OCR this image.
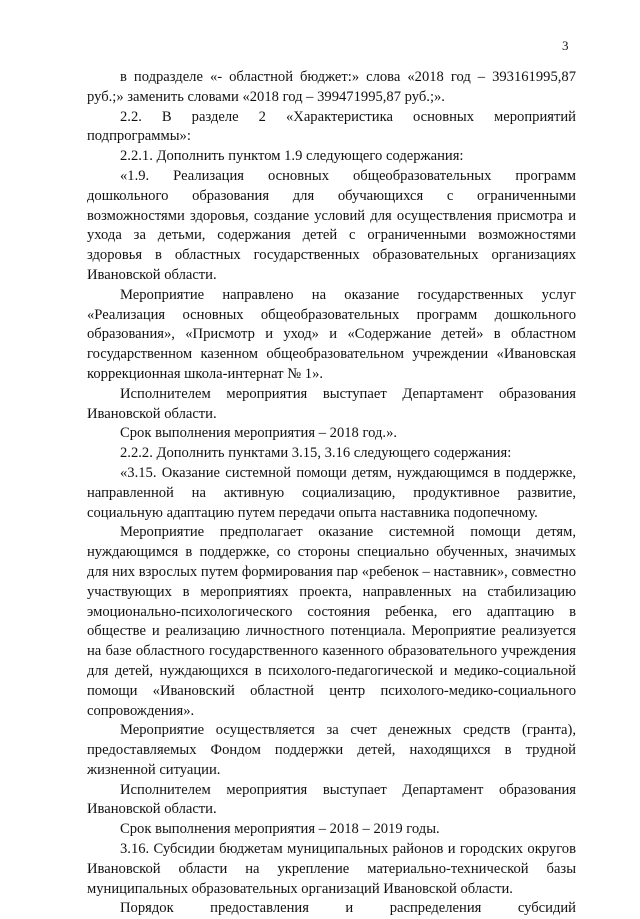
3

в подразделе «- областной бюджет:» слова «2018 год – 393161995,87 руб.;» заменить словами «2018 год – 399471995,87 руб.;».

2.2. В разделе 2 «Характеристика основных мероприятий подпрограммы»:

2.2.1. Дополнить пунктом 1.9 следующего содержания:

«1.9. Реализация основных общеобразовательных программ дошкольного образования для обучающихся с ограниченными возможностями здоровья, создание условий для осуществления присмотра и ухода за детьми, содержания детей с ограниченными возможностями здоровья в областных государственных образовательных организациях Ивановской области.

Мероприятие направлено на оказание государственных услуг «Реализация основных общеобразовательных программ дошкольного образования», «Присмотр и уход» и «Содержание детей» в областном государственном казенном общеобразовательном учреждении «Ивановская коррекционная школа-интернат № 1».

Исполнителем мероприятия выступает Департамент образования Ивановской области.

Срок выполнения мероприятия – 2018 год.».

2.2.2. Дополнить пунктами 3.15, 3.16 следующего содержания:

«3.15. Оказание системной помощи детям, нуждающимся в поддержке, направленной на активную социализацию, продуктивное развитие, социальную адаптацию путем передачи опыта наставника подопечному.

Мероприятие предполагает оказание системной помощи детям, нуждающимся в поддержке, со стороны специально обученных, значимых для них взрослых путем формирования пар «ребенок – наставник», совместно участвующих в мероприятиях проекта, направленных на стабилизацию эмоционально-психологического состояния ребенка, его адаптацию в обществе и реализацию личностного потенциала. Мероприятие реализуется на базе областного государственного казенного образовательного учреждения для детей, нуждающихся в психолого-педагогической и медико-социальной помощи «Ивановский областной центр психолого-медико-социального сопровождения».

Мероприятие осуществляется за счет денежных средств (гранта), предоставляемых Фондом поддержки детей, находящихся в трудной жизненной ситуации.

Исполнителем мероприятия выступает Департамент образования Ивановской области.

Срок выполнения мероприятия – 2018 – 2019 годы.

3.16. Субсидии бюджетам муниципальных районов и городских округов Ивановской области на укрепление материально-технической базы муниципальных образовательных организаций Ивановской области.

Порядок предоставления и распределения субсидий
